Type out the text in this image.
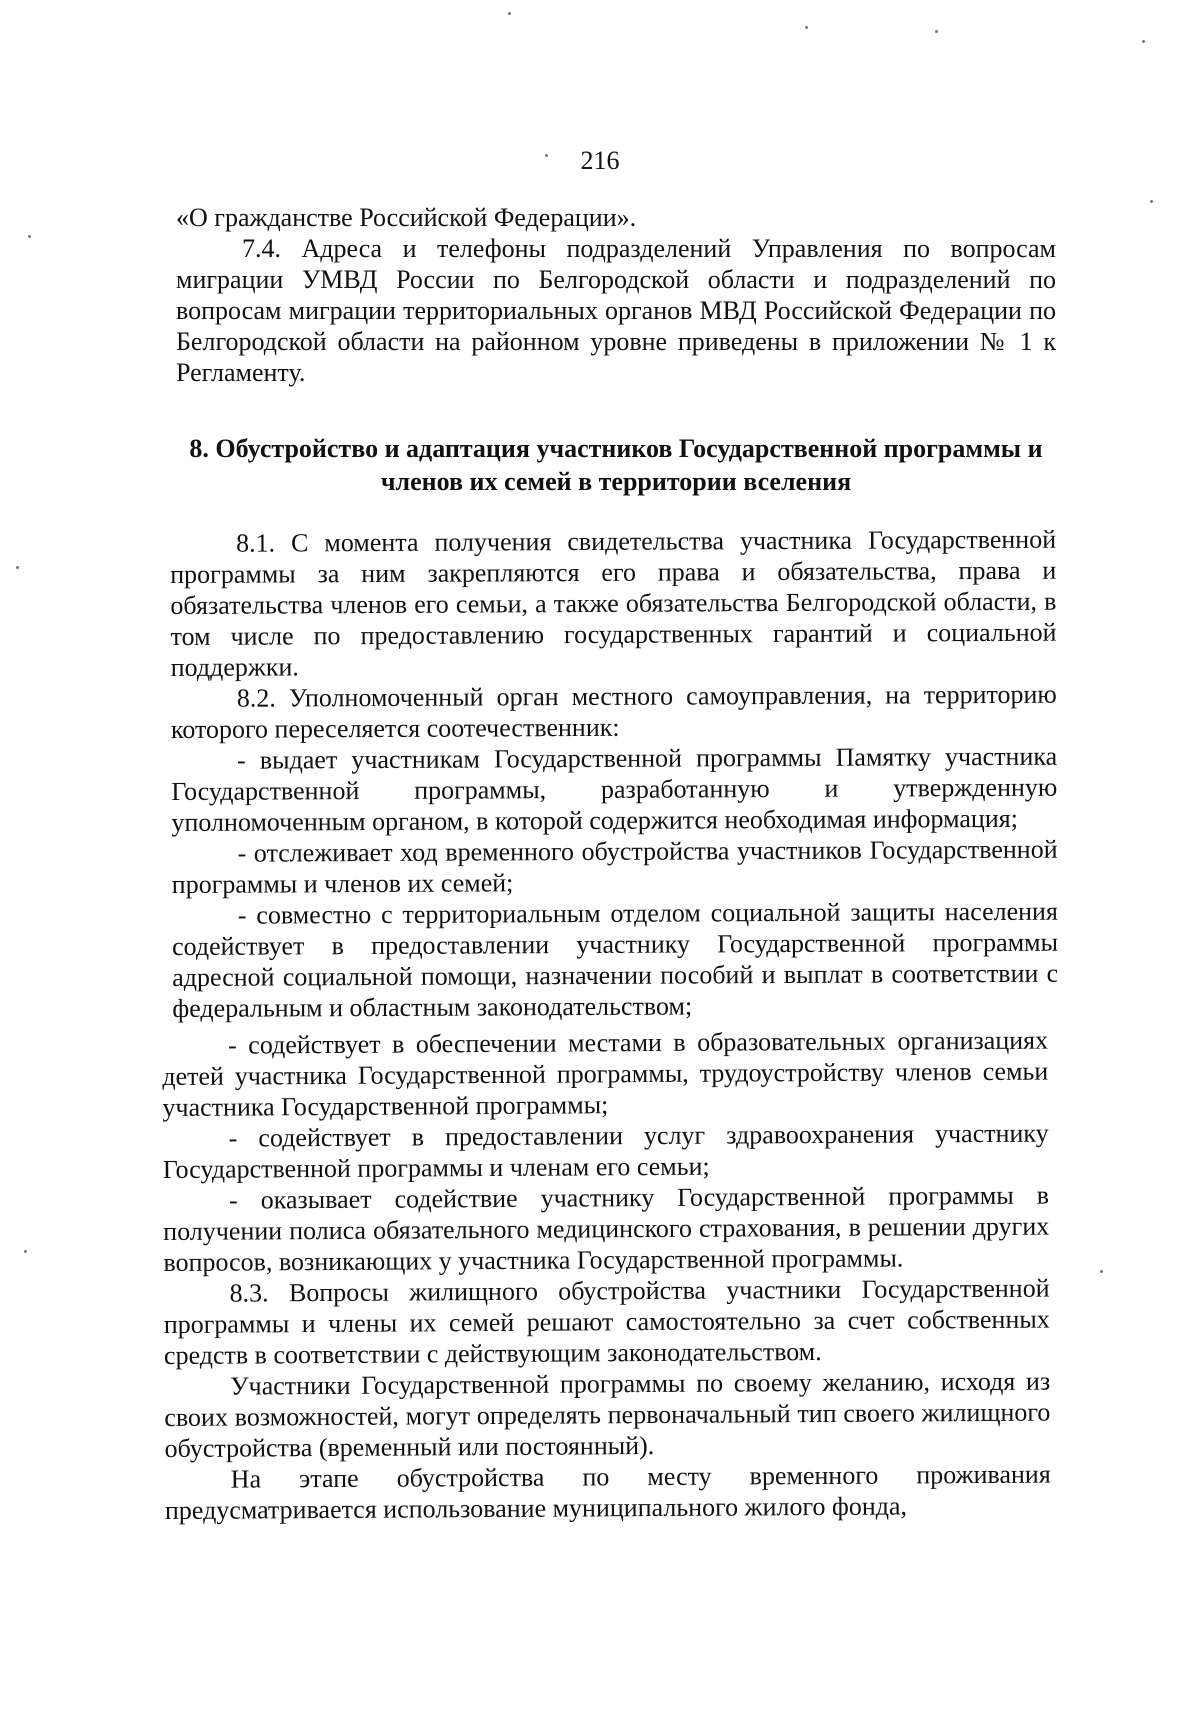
216

«О гражданстве Российской Федерации».

7.4. Адреса и телефоны подразделений Управления по вопросам миграции УМВД России по Белгородской области и подразделений по вопросам миграции территориальных органов МВД Российской Федерации по Белгородской области на районном уровне приведены в приложении № 1 к Регламенту.

8. Обустройство и адаптация участников Государственной программы и членов их семей в территории вселения

8.1. С момента получения свидетельства участника Государственной программы за ним закрепляются его права и обязательства, права и обязательства членов его семьи, а также обязательства Белгородской области, в том числе по предоставлению государственных гарантий и социальной поддержки.

8.2. Уполномоченный орган местного самоуправления, на территорию которого переселяется соотечественник:

- выдает участникам Государственной программы Памятку участника Государственной программы, разработанную и утвержденную уполномоченным органом, в которой содержится необходимая информация;

- отслеживает ход временного обустройства участников Государственной программы и членов их семей;

- совместно с территориальным отделом социальной защиты населения содействует в предоставлении участнику Государственной программы адресной социальной помощи, назначении пособий и выплат в соответствии с федеральным и областным законодательством;

- содействует в обеспечении местами в образовательных организациях детей участника Государственной программы, трудоустройству членов семьи участника Государственной программы;

- содействует в предоставлении услуг здравоохранения участнику Государственной программы и членам его семьи;

- оказывает содействие участнику Государственной программы в получении полиса обязательного медицинского страхования, в решении других вопросов, возникающих у участника Государственной программы.

8.3. Вопросы жилищного обустройства участники Государственной программы и члены их семей решают самостоятельно за счет собственных средств в соответствии с действующим законодательством.

Участники Государственной программы по своему желанию, исходя из своих возможностей, могут определять первоначальный тип своего жилищного обустройства (временный или постоянный).

На этапе обустройства по месту временного проживания предусматривается использование муниципального жилого фонда,
